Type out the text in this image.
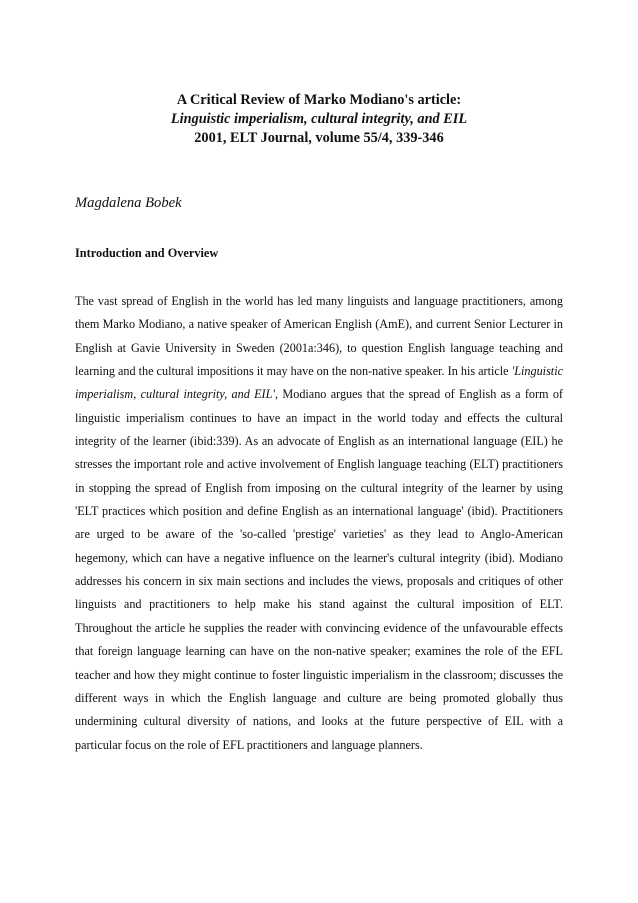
A Critical Review of Marko Modiano's article:
Linguistic imperialism, cultural integrity, and EIL
2001, ELT Journal, volume 55/4, 339-346
Magdalena Bobek
Introduction and Overview

The vast spread of English in the world has led many linguists and language practitioners, among them Marko Modiano, a native speaker of American English (AmE), and current Senior Lecturer in English at Gavie University in Sweden (2001a:346), to question English language teaching and learning and the cultural impositions it may have on the non-native speaker. In his article 'Linguistic imperialism, cultural integrity, and EIL', Modiano argues that the spread of English as a form of linguistic imperialism continues to have an impact in the world today and effects the cultural integrity of the learner (ibid:339). As an advocate of English as an international language (EIL) he stresses the important role and active involvement of English language teaching (ELT) practitioners in stopping the spread of English from imposing on the cultural integrity of the learner by using 'ELT practices which position and define English as an international language' (ibid). Practitioners are urged to be aware of the 'so-called 'prestige' varieties' as they lead to Anglo-American hegemony, which can have a negative influence on the learner's cultural integrity (ibid). Modiano addresses his concern in six main sections and includes the views, proposals and critiques of other linguists and practitioners to help make his stand against the cultural imposition of ELT. Throughout the article he supplies the reader with convincing evidence of the unfavourable effects that foreign language learning can have on the non-native speaker; examines the role of the EFL teacher and how they might continue to foster linguistic imperialism in the classroom; discusses the different ways in which the English language and culture are being promoted globally thus undermining cultural diversity of nations, and looks at the future perspective of EIL with a particular focus on the role of EFL practitioners and language planners.
